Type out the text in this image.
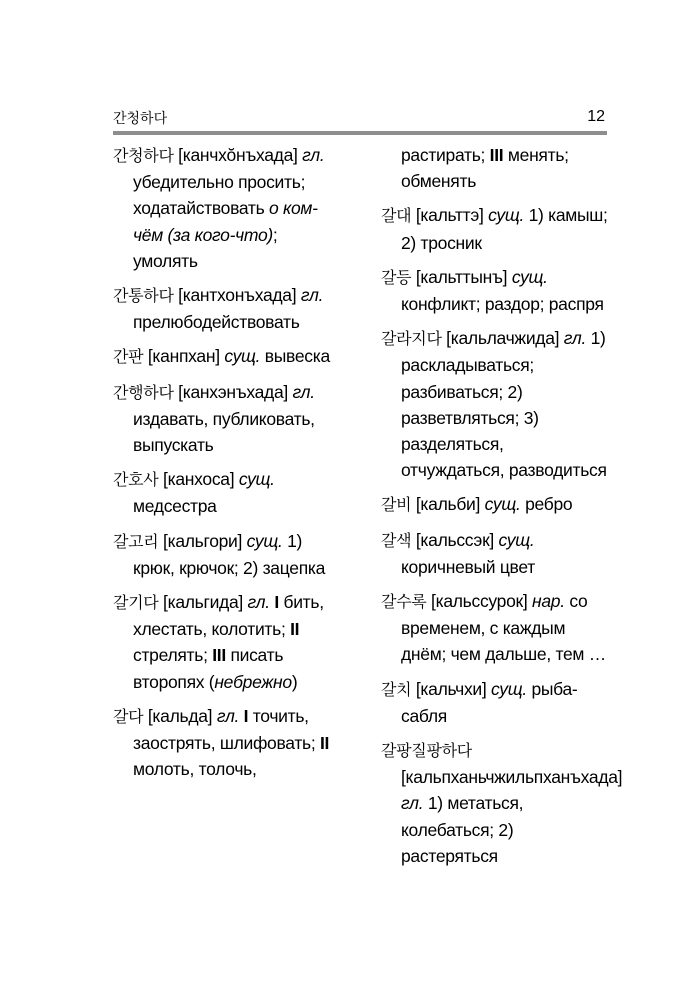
간청하다	12
간청하다 [канчхŏнъхада] гл. убедительно просить; ходатайствовать о ком-чём (за кого-что); умолять
간통하다 [кантхонъхада] гл. прелюбодействовать
간판 [канпхан] сущ. вывеска
간행하다 [канхэнъхада] гл. издавать, публиковать, выпускать
간호사 [канхоса] сущ. медсестра
갈고리 [кальгори] сущ. 1) крюк, крючок; 2) зацепка
갈기다 [кальгида] гл. I бить, хлестать, колотить; II стрелять; III писать второпях (небрежно)
갈다 [кальда] гл. I точить, заострять, шлифовать; II молоть, толочь,
растирать; III менять; обменять
갈대 [кальттэ] сущ. 1) камыш; 2) тросник
갈등 [кальттынъ] сущ. конфликт; раздор; распря
갈라지다 [кальлачжида] гл. 1) раскладываться; разбиваться; 2) разветвляться; 3) разделяться, отчуждаться, разводиться
갈비 [кальби] сущ. ребро
갈색 [кальссэк] сущ. коричневый цвет
갈수록 [кальссурок] нар. со временем, с каждым днём; чем дальше, тем …
갈치 [кальчхи] сущ. рыба-сабля
갈팡질팡하다 [кальпханьчжильпханъхада] гл. 1) метаться, колебаться; 2) растеряться
